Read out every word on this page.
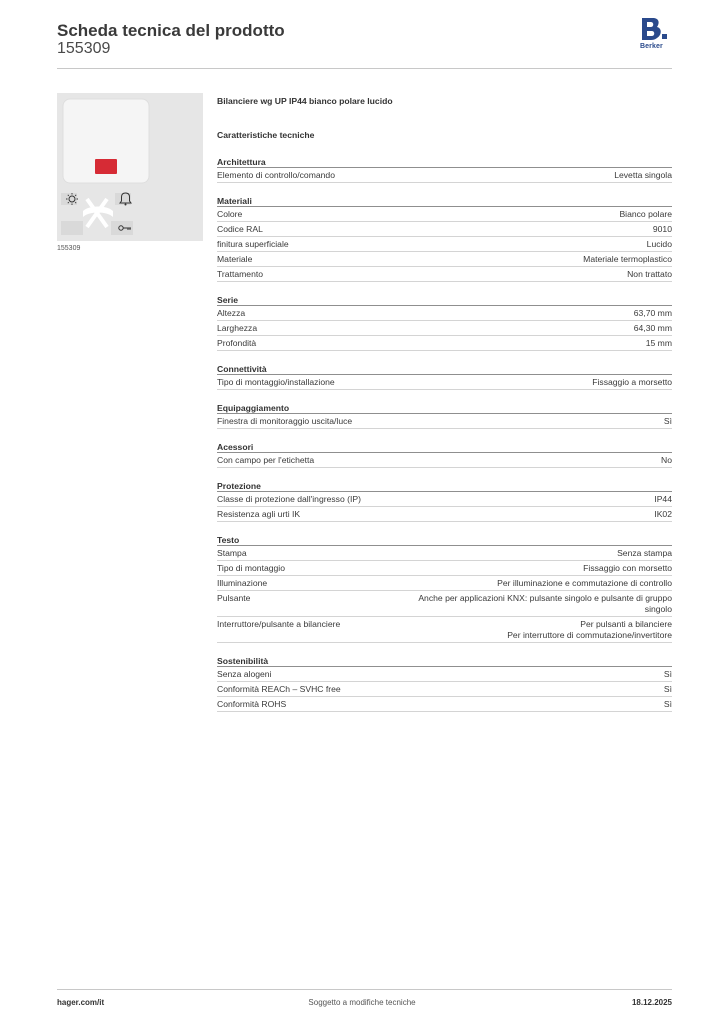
Scheda tecnica del prodotto
155309	Berker
155309
Bilanciere wg UP IP44 bianco polare lucido
Caratteristiche tecniche
Architettura
Elemento di controllo/comando	Levetta singola
Materiali
Colore	Bianco polare
Codice RAL	9010
finitura superficiale	Lucido
Materiale	Materiale termoplastico
Trattamento	Non trattato
Serie
Altezza	63,70 mm
Larghezza	64,30 mm
Profondità	15 mm
Connettività
Tipo di montaggio/installazione	Fissaggio a morsetto
Equipaggiamento
Finestra di monitoraggio uscita/luce	Sì
Acessori
Con campo per l'etichetta	No
Protezione
Classe di protezione dall'ingresso (IP)	IP44
Resistenza agli urti IK	IK02
Testo
Stampa	Senza stampa
Tipo di montaggio	Fissaggio con morsetto
Illuminazione	Per illuminazione e commutazione di controllo
Pulsante	Anche per applicazioni KNX: pulsante singolo e pulsante di gruppo
singolo
Interruttore/pulsante a bilanciere	Per pulsanti a bilanciere
Per interruttore di commutazione/invertitore
Sostenibilità
Senza alogeni	Sì
Conformità REACh – SVHC free	Sì
Conformità ROHS	Sì
hager.com/it	Soggetto a modifiche tecniche	18.12.2025
